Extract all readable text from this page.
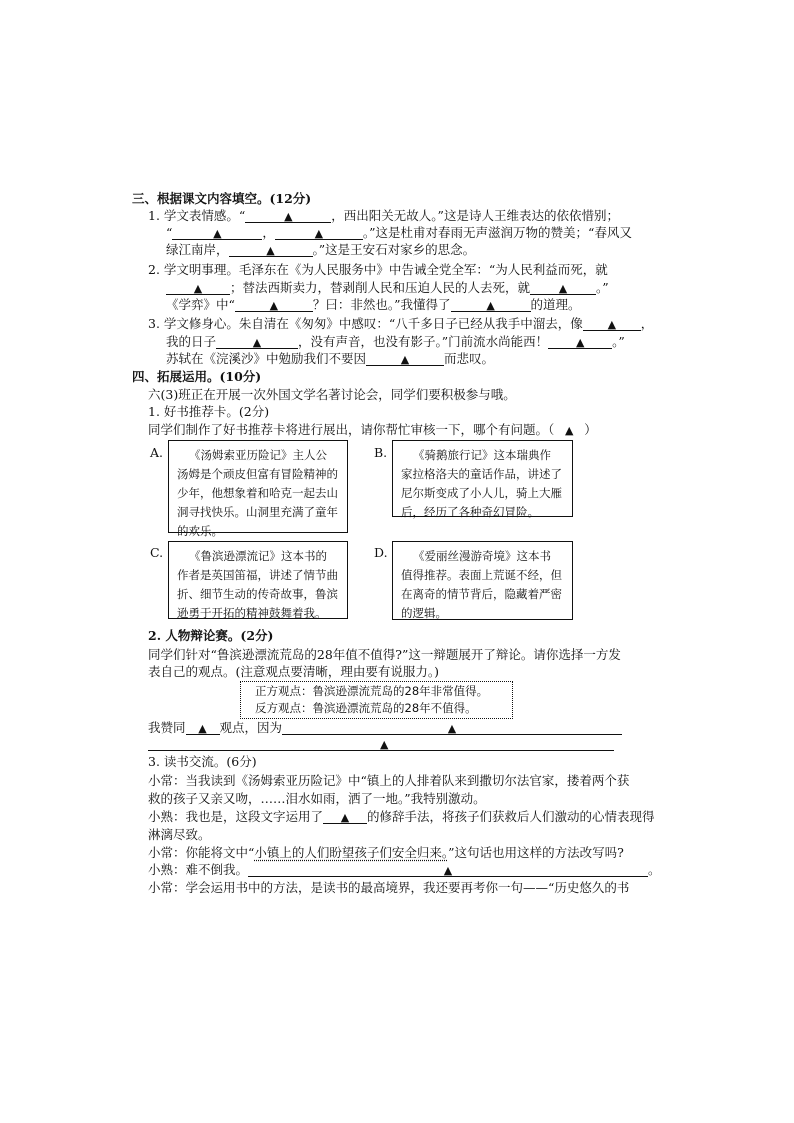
三、根据课文内容填空。(12分)
1. 学文表情感。“	▲	，西出阳关无故人。”这是诗人王维表达的依依惜别；
“	▲	，	▲	。”这是杜甫对春雨无声滋润万物的赞美；“春风又
绿江南岸，	▲	。”这是王安石对家乡的思念。
2. 学文明事理。毛泽东在《为人民服务中》中告诫全党全军：“为人民利益而死，就
▲ ；替法西斯卖力，替剥削人民和压迫人民的人去死，就	▲ 。”
《学弈》中“	▲	？曰：非然也。”我懂得了	▲	的道理。
3. 学文修身心。朱自清在《匆匆》中感叹：“八千多日子已经从我手中溜去，像 ▲ ，
我的日子	▲	，没有声音，也没有影子。”门前流水尚能西！	▲ 。”
苏轼在《浣溪沙》中勉励我们不要因	▲	而悲叹。
四、拓展运用。(10分)
六(3)班正在开展一次外国文学名著讨论会，同学们要积极参与哦。
1. 好书推荐卡。(2分)
同学们制作了好书推荐卡将进行展出，请你帮忙审核一下，哪个有问题。（ ▲ ）
A.	《汤姆索亚历险记》主人公
汤姆是个顽皮但富有冒险精神的
少年，他想象着和哈克一起去山
洞寻找快乐。山洞里充满了童年
的欢乐。
B.	《骑鹅旅行记》这本瑞典作
家拉格洛夫的童话作品，讲述了
尼尔斯变成了小人儿，骑上大雁
后，经历了各种奇幻冒险。
C.	《鲁滨逊漂流记》这本书的
作者是英国笛福，讲述了情节曲
折、细节生动的传奇故事，鲁滨
逊勇于开拓的精神鼓舞着我。
D.	《爱丽丝漫游奇境》这本书
值得推荐。表面上荒诞不经，但
在离奇的情节背后，隐藏着严密
的逻辑。
2. 人物辩论赛。(2分)
同学们针对“鲁滨逊漂流荒岛的28年值不值得?”这一辩题展开了辩论。请你选择一方发
表自己的观点。(注意观点要清晰，理由要有说服力。)
正方观点：鲁滨逊漂流荒岛的28年非常值得。
反方观点：鲁滨逊漂流荒岛的28年不值得。
我赞同 ▲ 观点，因为	▲
▲
3. 读书交流。(6分)
小常：当我读到《汤姆索亚历险记》中“镇上的人排着队来到撒切尔法官家，搂着两个获
救的孩子又亲又吻，……泪水如雨，洒了一地。”我特别激动。
小熟：我也是，这段文字运用了 ▲ 的修辞手法，将孩子们获救后人们激动的心情表现得
淋漓尽致。
小常：你能将文中“小镇上的人们盼望孩子们安全归来。”这句话也用这样的方法改写吗?
小熟：难不倒我。	▲	。
小常：学会运用书中的方法，是读书的最高境界，我还要再考你一句——“历史悠久的书
